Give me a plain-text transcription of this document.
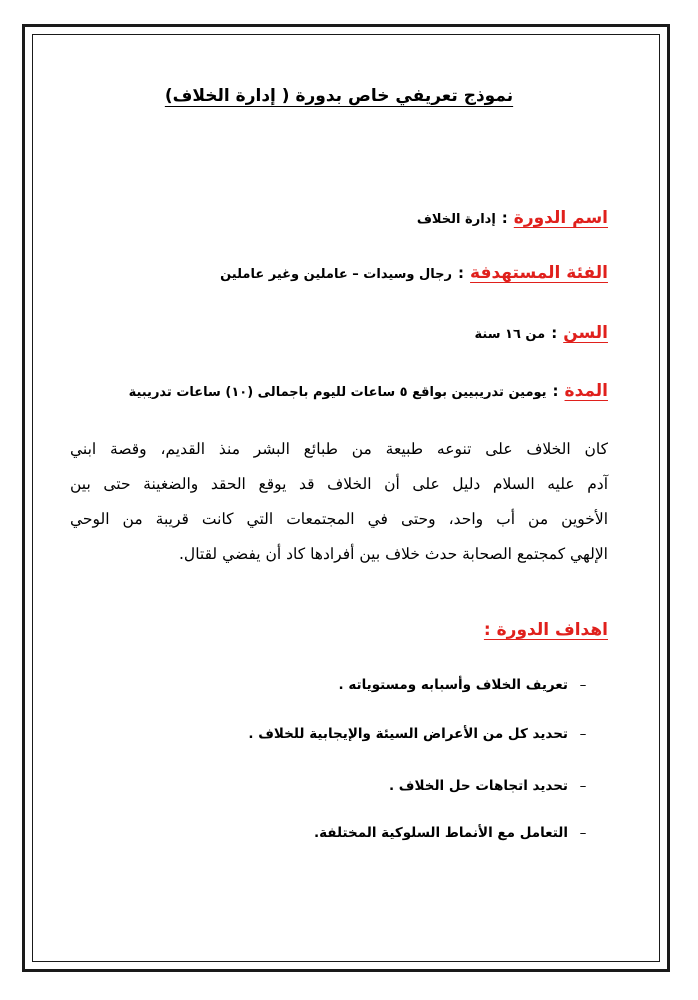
نموذج تعريفي خاص بدورة ( إدارة الخلاف)
اسم الدورة:إدارة الخلاف
الفئة المستهدفة:رجال وسيدات – عاملين وغير عاملين
السن:من ١٦ سنة
المدة:يومين تدريبيين بواقع ٥ ساعات لليوم باجمالى (١٠) ساعات تدريبية
كان الخلاف على تنوعه طبيعة من طبائع البشر منذ القديم، وقصة ابني
آدم عليه السلام دليل على أن الخلاف قد يوقع الحقد والضغينة حتى بين
الأخوين من أب واحد، وحتى في المجتمعات التي كانت قريبة من الوحي
الإلهي كمجتمع الصحابة حدث خلاف بين أفرادها كاد أن يفضي لقتال.
اهداف الدورة :
–تعريف الخلاف وأسبابه ومستوياته .
–تحديد كل من الأعراض السيئة والإيجابية للخلاف .
–تحديد اتجاهات حل الخلاف .
–التعامل مع الأنماط السلوكية المختلفة.
